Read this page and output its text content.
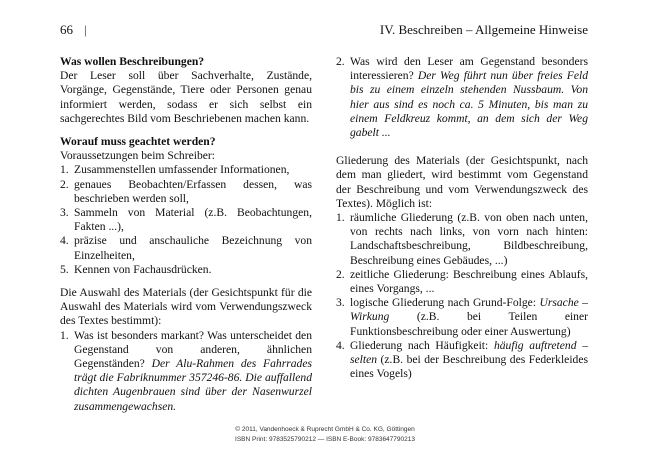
66 |	IV. Beschreiben – Allgemeine Hinweise
Was wollen Beschreibungen?
Der Leser soll über Sachverhalte, Zustände, Vorgänge, Gegenstände, Tiere oder Personen genau informiert werden, sodass er sich selbst ein sachgerechtes Bild vom Beschriebenen machen kann.
Worauf muss geachtet werden?
Voraussetzungen beim Schreiber:
1. Zusammenstellen umfassender Informationen,
2. genaues Beobachten/Erfassen dessen, was beschrieben werden soll,
3. Sammeln von Material (z.B. Beobachtungen, Fakten ...),
4. präzise und anschauliche Bezeichnung von Einzelheiten,
5. Kennen von Fachausdrücken.
Die Auswahl des Materials (der Gesichtspunkt für die Auswahl des Materials wird vom Verwendungszweck des Textes bestimmt):
1. Was ist besonders markant? Was unterscheidet den Gegenstand von anderen, ähnlichen Gegenständen? Der Alu-Rahmen des Fahrrades trägt die Fabriknummer 357246-86. Die auffallend dichten Augenbrauen sind über der Nasenwurzel zusammengewachsen.
2. Was wird den Leser am Gegenstand besonders interessieren? Der Weg führt nun über freies Feld bis zu einem einzeln stehenden Nussbaum. Von hier aus sind es noch ca. 5 Minuten, bis man zu einem Feldkreuz kommt, an dem sich der Weg gabelt ...
Gliederung des Materials (der Gesichtspunkt, nach dem man gliedert, wird bestimmt vom Gegenstand der Beschreibung und vom Verwendungszweck des Textes). Möglich ist:
1. räumliche Gliederung (z.B. von oben nach unten, von rechts nach links, von vorn nach hinten: Landschaftsbeschreibung, Bildbeschreibung, Beschreibung eines Gebäudes, ...)
2. zeitliche Gliederung: Beschreibung eines Ablaufs, eines Vorgangs, ...
3. logische Gliederung nach Grund-Folge: Ursache – Wirkung (z.B. bei Teilen einer Funktionsbeschreibung oder einer Auswertung)
4. Gliederung nach Häufigkeit: häufig auftretend – selten (z.B. bei der Beschreibung des Federkleides eines Vogels)
© 2011, Vandenhoeck & Ruprecht GmbH & Co. KG, Göttingen
ISBN Print: 9783525790212 — ISBN E-Book: 9783647790213
